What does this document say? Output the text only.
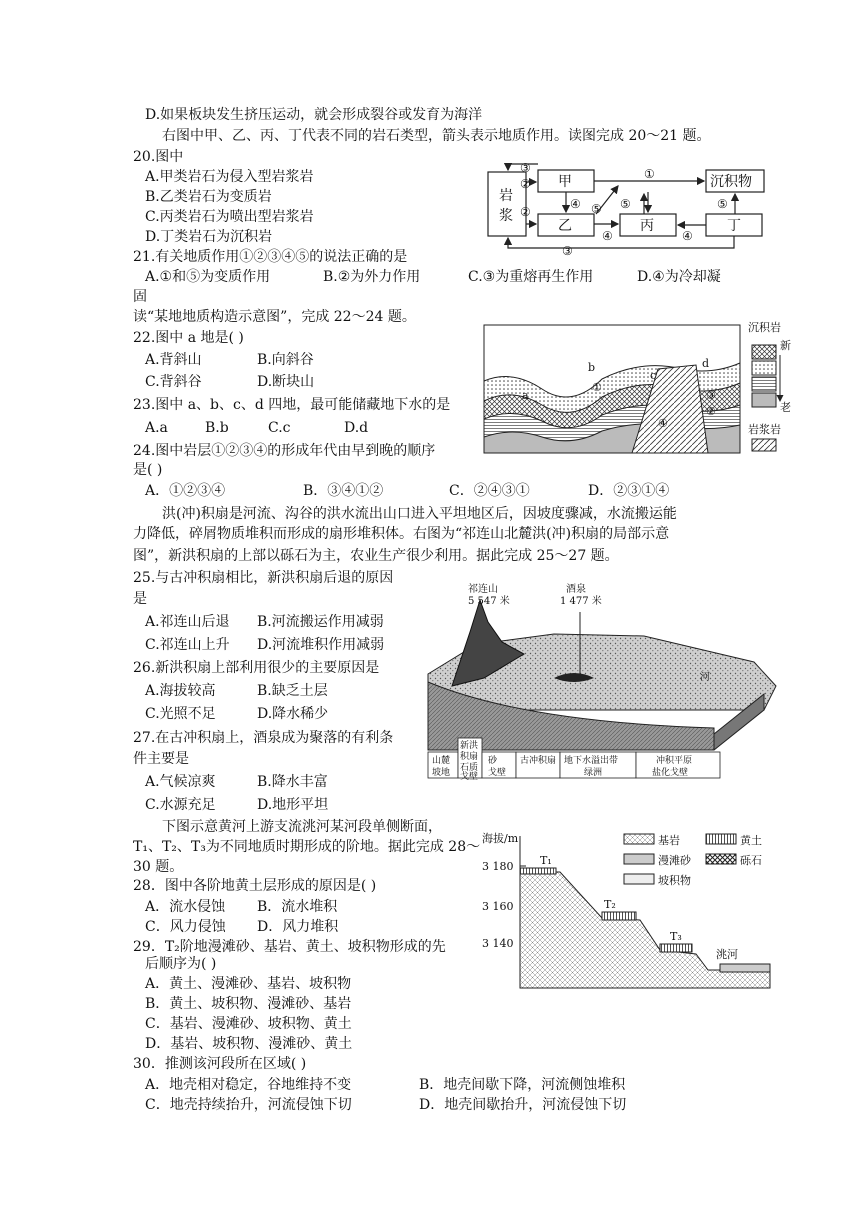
D.如果板块发生挤压运动，就会形成裂谷或发育为海洋
右图中甲、乙、丙、丁代表不同的岩石类型，箭头表示地质作用。读图完成 20～21 题。
20.图中
A.甲类岩石为侵入型岩浆岩
B.乙类岩石为变质岩
C.丙类岩石为喷出型岩浆岩
D.丁类岩石为沉积岩
21.有关地质作用①②③④⑤的说法正确的是
A.①和⑤为变质作用	B.②为外力作用	C.③为重熔再生作用	D.④为冷却凝
固
读“某地地质构造示意图”，完成 22～24 题。
22.图中 a 地是( )
A.背斜山	B.向斜谷
C.背斜谷	D.断块山
23.图中 a、b、c、d 四地，最可能储藏地下水的是
A.a	B.b	C.c	D.d
24.图中岩层①②③④的形成年代由早到晚的顺序
是( )
A．①②③④	B．③④①②	C．②④③①	D．②③①④
洪(冲)积扇是河流、沟谷的洪水流出山口进入平坦地区后，因坡度骤减，水流搬运能
力降低，碎屑物质堆积而形成的扇形堆积体。右图为“祁连山北麓洪(冲)积扇的局部示意
图”，新洪积扇的上部以砾石为主，农业生产很少利用。据此完成 25～27 题。
25.与古冲积扇相比，新洪积扇后退的原因
是
A.祁连山后退 B.河流搬运作用减弱
C.祁连山上升 D.河流堆积作用减弱
26.新洪积扇上部利用很少的主要原因是
A.海拔较高	B.缺乏土层
C.光照不足	D.降水稀少
27.在古冲积扇上，酒泉成为聚落的有利条
件主要是
A.气候凉爽	B.降水丰富
C.水源充足	D.地形平坦
下图示意黄河上游支流洮河某河段单侧断面，
T₁、T₂、T₃为不同地质时期形成的阶地。据此完成 28～
30 题。
28．图中各阶地黄土层形成的原因是( )
A．流水侵蚀 B．流水堆积
C．风力侵蚀 D．风力堆积
29．T₂阶地漫滩砂、基岩、黄土、坡积物形成的先
后顺序为( )
A．黄土、漫滩砂、基岩、坡积物
B．黄土、坡积物、漫滩砂、基岩
C．基岩、漫滩砂、坡积物、黄土
D．基岩、坡积物、漫滩砂、黄土
30．推测该河段所在区域( )
A．地壳相对稳定，谷地维持不变	B．地壳间歇下降，河流侧蚀堆积
C．地壳持续抬升，河流侵蚀下切	D．地壳间歇抬升，河流侵蚀下切
岩
浆
甲
乙	丙	丁
沉积物
③
②
②
①
⑤
④ ⑤ ⑤
④	④
③
沉积岩
新
老
岩浆岩
a
b
c
d
①
②
③
④
祁连山
5 547 米
酒泉
1 477 米
河
山麓
坡地
新洪
积扇
石质
戈壁
砂
戈壁
古冲积扇 地下水溢出带
绿洲
冲积平原
盐化戈壁
海拔/m
3 180
3 160
3 140
T₁
T₂
T₃
洮河
基岩	黄土
漫滩砂	砾石
坡积物
